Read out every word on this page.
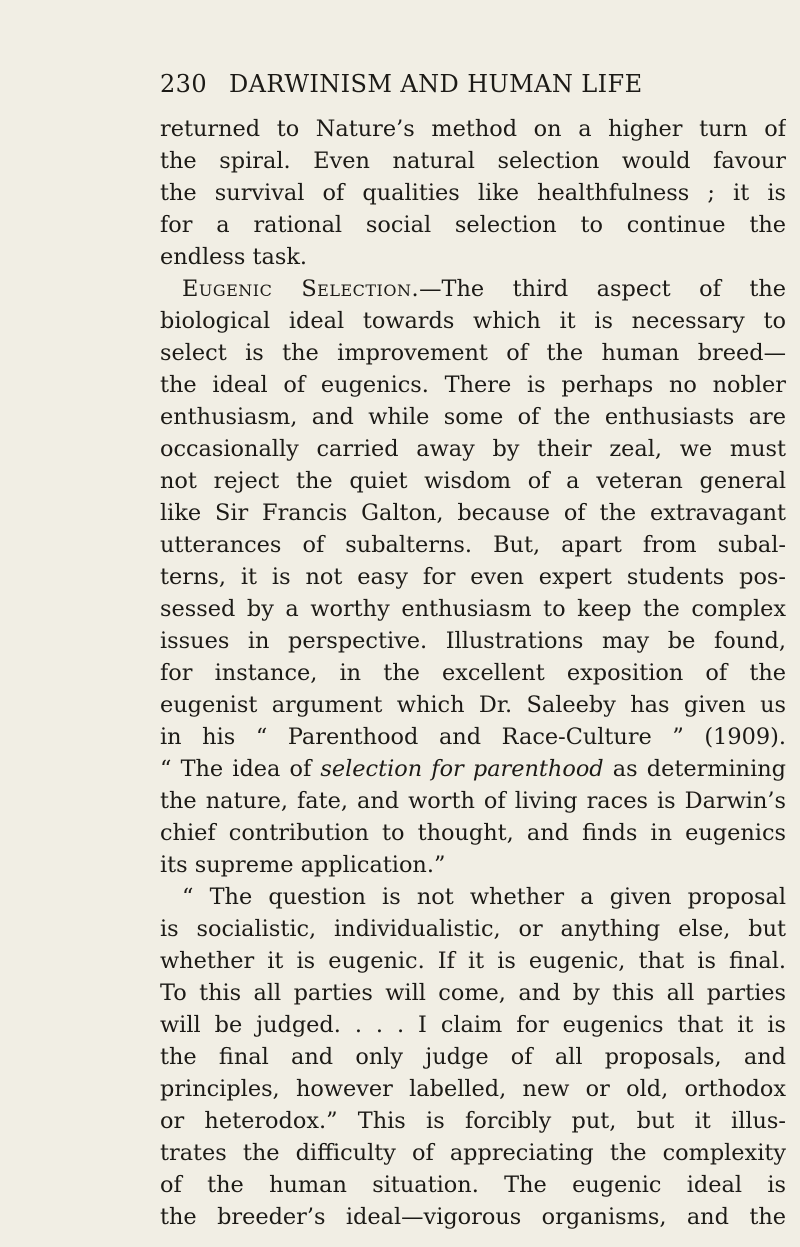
230 DARWINISM AND HUMAN LIFE
returned to Nature’s method on a higher turn of
the spiral. Even natural selection would favour
the survival of qualities like healthfulness ; it is
for a rational social selection to continue the
endless task.
Eugenic Selection.—The third aspect of the
biological ideal towards which it is necessary to
select is the improvement of the human breed—
the ideal of eugenics. There is perhaps no nobler
enthusiasm, and while some of the enthusiasts are
occasionally carried away by their zeal, we must
not reject the quiet wisdom of a veteran general
like Sir Francis Galton, because of the extravagant
utterances of subalterns. But, apart from subal-
terns, it is not easy for even expert students pos-
sessed by a worthy enthusiasm to keep the complex
issues in perspective. Illustrations may be found,
for instance, in the excellent exposition of the
eugenist argument which Dr. Saleeby has given us
in his “ Parenthood and Race-Culture ” (1909).
“ The idea of selection for parenthood as determining
the nature, fate, and worth of living races is Darwin’s
chief contribution to thought, and finds in eugenics
its supreme application.”
“ The question is not whether a given proposal
is socialistic, individualistic, or anything else, but
whether it is eugenic. If it is eugenic, that is final.
To this all parties will come, and by this all parties
will be judged. . . . I claim for eugenics that it is
the final and only judge of all proposals, and
principles, however labelled, new or old, orthodox
or heterodox.” This is forcibly put, but it illus-
trates the difficulty of appreciating the complexity
of the human situation. The eugenic ideal is
the breeder’s ideal—vigorous organisms, and the
